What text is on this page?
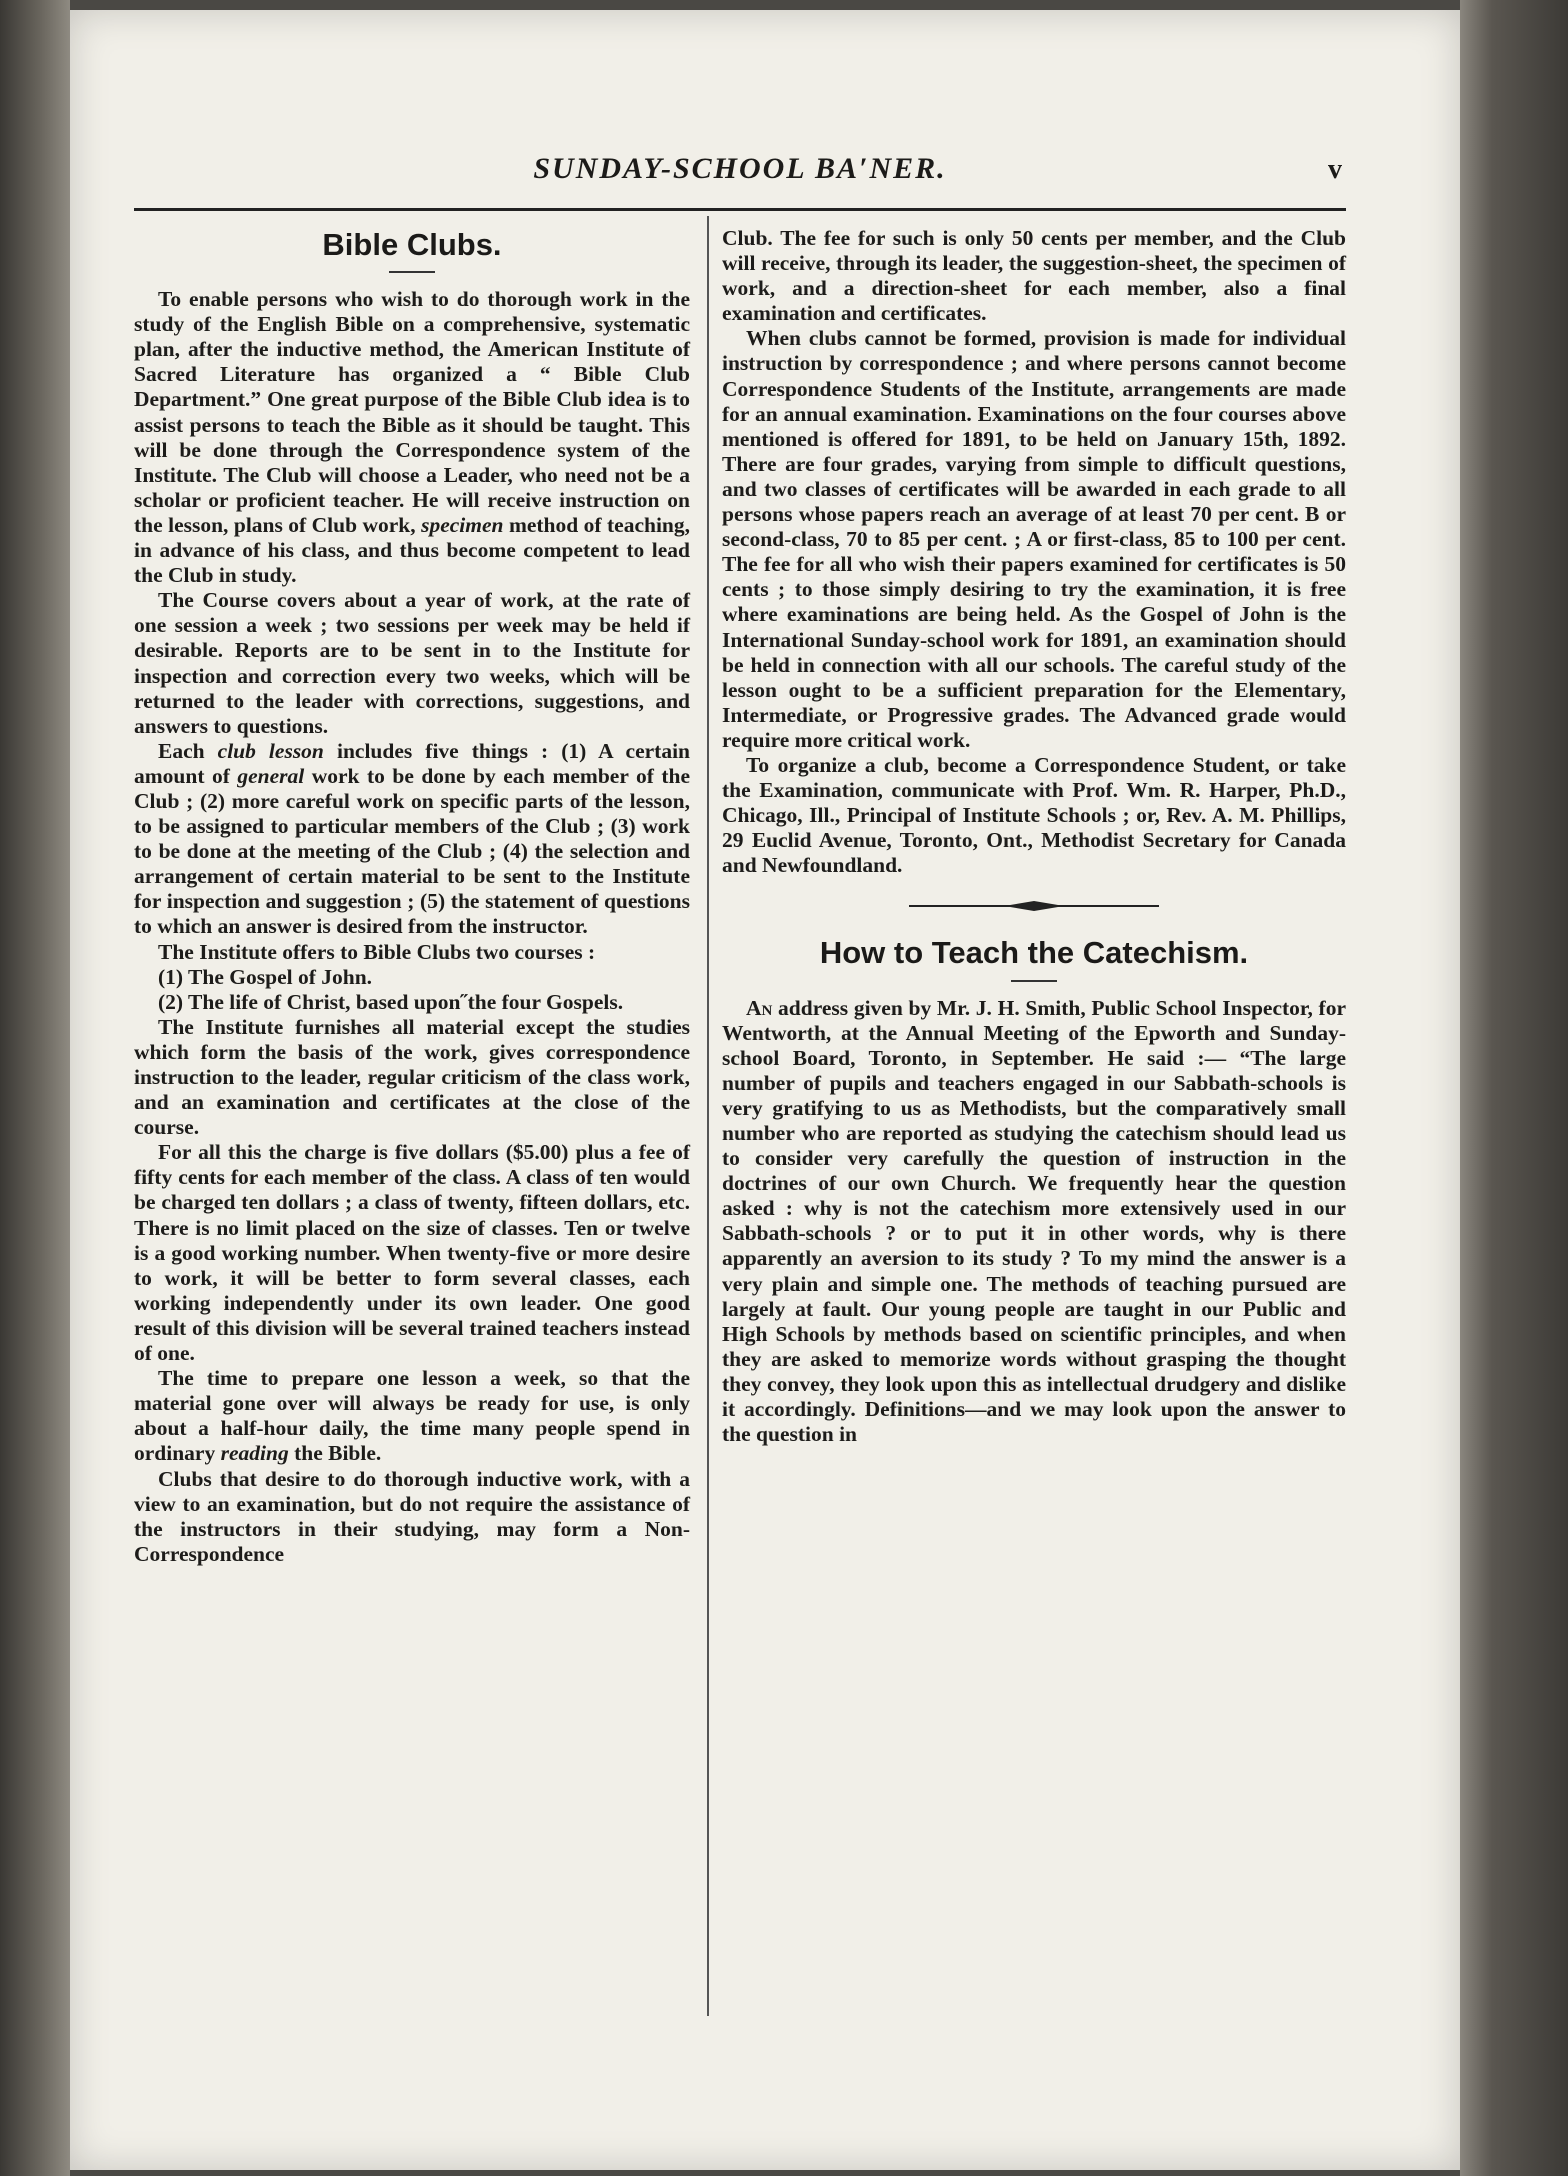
SUNDAY-SCHOOL BA′NER.	v
Bible Clubs.

To enable persons who wish to do thorough work in the study of the English Bible on a comprehensive, systematic plan, after the inductive method, the American Institute of Sacred Literature has organized a “ Bible Club Department.” One great purpose of the Bible Club idea is to assist persons to teach the Bible as it should be taught. This will be done through the Correspondence system of the Institute. The Club will choose a Leader, who need not be a scholar or proficient teacher. He will receive instruction on the lesson, plans of Club work, specimen method of teaching, in advance of his class, and thus become competent to lead the Club in study.

The Course covers about a year of work, at the rate of one session a week ; two sessions per week may be held if desirable. Reports are to be sent in to the Institute for inspection and correction every two weeks, which will be returned to the leader with corrections, suggestions, and answers to questions.

Each club lesson includes five things : (1) A certain amount of general work to be done by each member of the Club ; (2) more careful work on specific parts of the lesson, to be assigned to particular members of the Club ; (3) work to be done at the meeting of the Club ; (4) the selection and arrangement of certain material to be sent to the Institute for inspection and suggestion ; (5) the statement of questions to which an answer is desired from the instructor.

The Institute offers to Bible Clubs two courses :

(1) The Gospel of John.

(2) The life of Christ, based upon˝the four Gospels.

The Institute furnishes all material except the studies which form the basis of the work, gives correspondence instruction to the leader, regular criticism of the class work, and an examination and certificates at the close of the course.

For all this the charge is five dollars ($5.00) plus a fee of fifty cents for each member of the class. A class of ten would be charged ten dollars ; a class of twenty, fifteen dollars, etc. There is no limit placed on the size of classes. Ten or twelve is a good working number. When twenty-five or more desire to work, it will be better to form several classes, each working independently under its own leader. One good result of this division will be several trained teachers instead of one.

The time to prepare one lesson a week, so that the material gone over will always be ready for use, is only about a half-hour daily, the time many people spend in ordinary reading the Bible.

Clubs that desire to do thorough inductive work, with a view to an examination, but do not require the assistance of the instructors in their studying, may form a Non-Correspondence

Club. The fee for such is only 50 cents per member, and the Club will receive, through its leader, the suggestion-sheet, the specimen of work, and a direction-sheet for each member, also a final examination and certificates.

When clubs cannot be formed, provision is made for individual instruction by correspondence ; and where persons cannot become Correspondence Students of the Institute, arrangements are made for an annual examination. Examinations on the four courses above mentioned is offered for 1891, to be held on January 15th, 1892. There are four grades, varying from simple to difficult questions, and two classes of certificates will be awarded in each grade to all persons whose papers reach an average of at least 70 per cent. B or second-class, 70 to 85 per cent. ; A or first-class, 85 to 100 per cent. The fee for all who wish their papers examined for certificates is 50 cents ; to those simply desiring to try the examination, it is free where examinations are being held. As the Gospel of John is the International Sunday-school work for 1891, an examination should be held in connection with all our schools. The careful study of the lesson ought to be a sufficient preparation for the Elementary, Intermediate, or Progressive grades. The Advanced grade would require more critical work.

To organize a club, become a Correspondence Student, or take the Examination, communicate with Prof. Wm. R. Harper, Ph.D., Chicago, Ill., Principal of Institute Schools ; or, Rev. A. M. Phillips, 29 Euclid Avenue, Toronto, Ont., Methodist Secretary for Canada and Newfoundland.

How to Teach the Catechism.

An address given by Mr. J. H. Smith, Public School Inspector, for Wentworth, at the Annual Meeting of the Epworth and Sunday-school Board, Toronto, in September. He said :— “The large number of pupils and teachers engaged in our Sabbath-schools is very gratifying to us as Methodists, but the comparatively small number who are reported as studying the catechism should lead us to consider very carefully the question of instruction in the doctrines of our own Church. We frequently hear the question asked : why is not the catechism more extensively used in our Sabbath-schools ? or to put it in other words, why is there apparently an aversion to its study ? To my mind the answer is a very plain and simple one. The methods of teaching pursued are largely at fault. Our young people are taught in our Public and High Schools by methods based on scientific principles, and when they are asked to memorize words without grasping the thought they convey, they look upon this as intellectual drudgery and dislike it accordingly. Definitions—and we may look upon the answer to the question in
